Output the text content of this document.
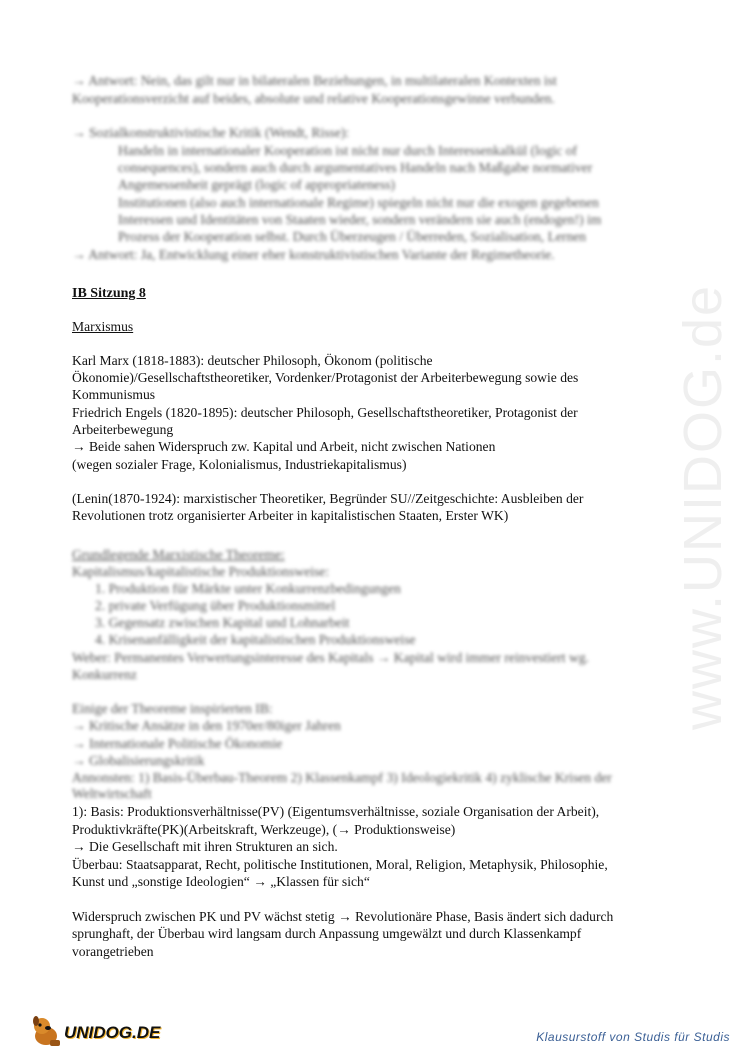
→ Antwort: Nein, das gilt nur in bilateralen Beziehungen, in multilateralen Kontexten ist
Kooperationsverzicht auf beides, absolute und relative Kooperationsgewinne verbunden.
→ Sozialkonstruktivistische Kritik (Wendt, Risse):
Handeln in internationaler Kooperation ist nicht nur durch Interessenkalkül (logic of
consequences), sondern auch durch argumentatives Handeln nach Maßgabe normativer
Angemessenheit geprägt (logic of appropriateness)
Institutionen (also auch internationale Regime) spiegeln nicht nur die exogen gegebenen
Interessen und Identitäten von Staaten wieder, sondern verändern sie auch (endogen!) im
Prozess der Kooperation selbst. Durch Überzeugen / Überreden, Sozialisation, Lernen
→ Antwort: Ja, Entwicklung einer eher konstruktivistischen Variante der Regimetheorie.
IB Sitzung 8
Marxismus
Karl Marx (1818-1883): deutscher Philosoph, Ökonom (politische
Ökonomie)/Gesellschaftstheoretiker, Vordenker/Protagonist der Arbeiterbewegung sowie des
Kommunismus
Friedrich Engels (1820-1895): deutscher Philosoph, Gesellschaftstheoretiker, Protagonist der
Arbeiterbewegung
→ Beide sahen Widerspruch zw. Kapital und Arbeit, nicht zwischen Nationen
(wegen sozialer Frage, Kolonialismus, Industriekapitalismus)
(Lenin(1870-1924): marxistischer Theoretiker, Begründer SU//Zeitgeschichte: Ausbleiben der
Revolutionen trotz organisierter Arbeiter in kapitalistischen Staaten, Erster WK)
Grundlegende Marxistische Theoreme:
Kapitalismus/kapitalistische Produktionsweise:
1. Produktion für Märkte unter Konkurrenzbedingungen
2. private Verfügung über Produktionsmittel
3. Gegensatz zwischen Kapital und Lohnarbeit
4. Krisenanfälligkeit der kapitalistischen Produktionsweise
Weber: Permanentes Verwertungsinteresse des Kapitals → Kapital wird immer reinvestiert wg.
Konkurrenz
Einige der Theoreme inspirierten IB:
→ Kritische Ansätze in den 1970er/80iger Jahren
→ Internationale Politische Ökonomie
→ Globalisierungskritik
Annonsten: 1) Basis-Überbau-Theorem 2) Klassenkampf 3) Ideologiekritik 4) zyklische Krisen der
Weltwirtschaft
1): Basis: Produktionsverhältnisse(PV) (Eigentumsverhältnisse, soziale Organisation der Arbeit),
Produktivkräfte(PK)(Arbeitskraft, Werkzeuge), (→ Produktionsweise)
→ Die Gesellschaft mit ihren Strukturen an sich.
Überbau: Staatsapparat, Recht, politische Institutionen, Moral, Religion, Metaphysik, Philosophie,
Kunst und „sonstige Ideologien“ → „Klassen für sich“
Widerspruch zwischen PK und PV wächst stetig → Revolutionäre Phase, Basis ändert sich dadurch
sprunghaft, der Überbau wird langsam durch Anpassung umgewälzt und durch Klassenkampf
vorangetrieben
www.UNIDOG.de
UNIDOG.DE	Klausurstoff von Studis für Studis
